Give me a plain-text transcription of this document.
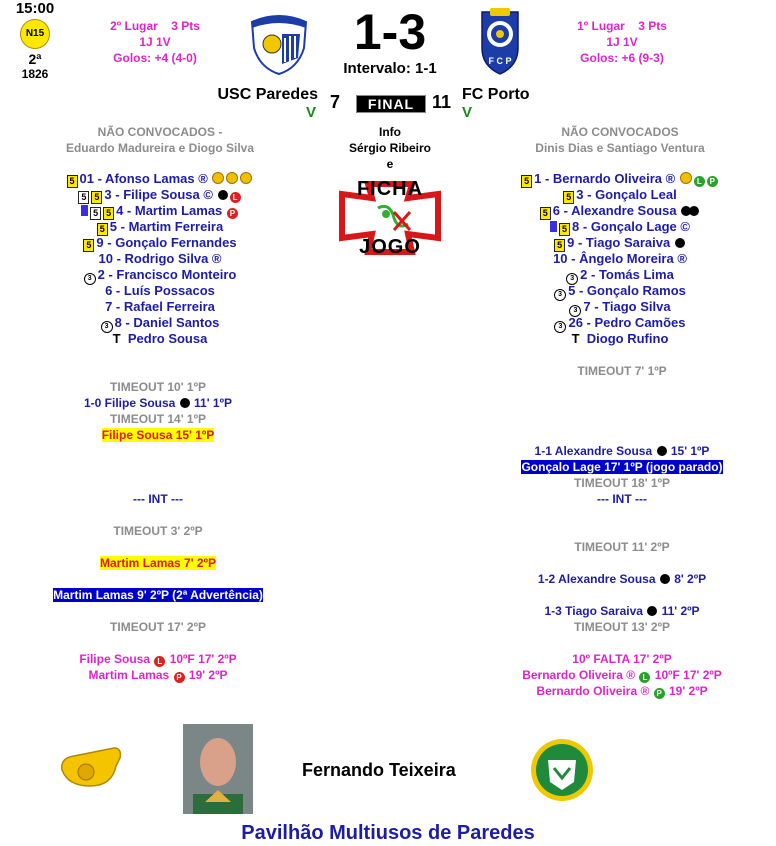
15:00
N15
2ª
1826
2º Lugar 3 Pts
1J 1V
Golos: +4 (4-0)	1-3
Intervalo: 1-1	F C P
1º Lugar 3 Pts
1J 1V
Golos: +6 (9-3)
USC Paredes
V
7	FINAL 11 FC Porto
V
NÃO CONVOCADOS -
Eduardo Madureira e Diogo Silva
NÃO CONVOCADOS
Dinis Dias e Santiago Ventura
Info
Sérgio Ribeiro
e
FICHA
JOGO
5 01 - Afonso Lamas ®
5 5 3 - Filipe Sousa © L
5 5 4 - Martim Lamas P
5 5 - Martim Ferreira
5 9 - Gonçalo Fernandes
10 - Rodrigo Silva ®
3 2 - Francisco Monteiro
6 - Luís Possacos
7 - Rafael Ferreira
3 8 - Daniel Santos
T Pedro Sousa
5 1 - Bernardo Oliveira ®	L P
5 3 - Gonçalo Leal
5 6 - Alexandre Sousa
5 8 - Gonçalo Lage ©
5 9 - Tiago Saraiva
10 - Ângelo Moreira ®
3 2 - Tomás Lima
3 5 - Gonçalo Ramos
3 7 - Tiago Silva
3 26 - Pedro Camões
T Diogo Rufino
TIMEOUT 10' 1ºP
1-0 Filipe Sousa 11' 1ºP
TIMEOUT 14' 1ºP
Filipe Sousa 15' 1ºP
--- INT ---
TIMEOUT 3' 2ºP
Martim Lamas 7' 2ºP
Martim Lamas 9' 2ºP (2ª Advertência)
TIMEOUT 17' 2ºP
Filipe Sousa L 10ºF 17' 2ºP
Martim Lamas P 19' 2ºP
TIMEOUT 7' 1ºP
1-1 Alexandre Sousa 15' 1ºP
Gonçalo Lage 17' 1ºP (jogo parado)
TIMEOUT 18' 1ºP
--- INT ---
TIMEOUT 11' 2ºP
1-2 Alexandre Sousa 8' 2ºP
1-3 Tiago Saraiva 11' 2ºP
TIMEOUT 13' 2ºP
10º FALTA 17' 2ºP
Bernardo Oliveira ® L 10ºF 17' 2ºP
Bernardo Oliveira ® P 19' 2ºP
Fernando Teixeira
Pavilhão Multiusos de Paredes
